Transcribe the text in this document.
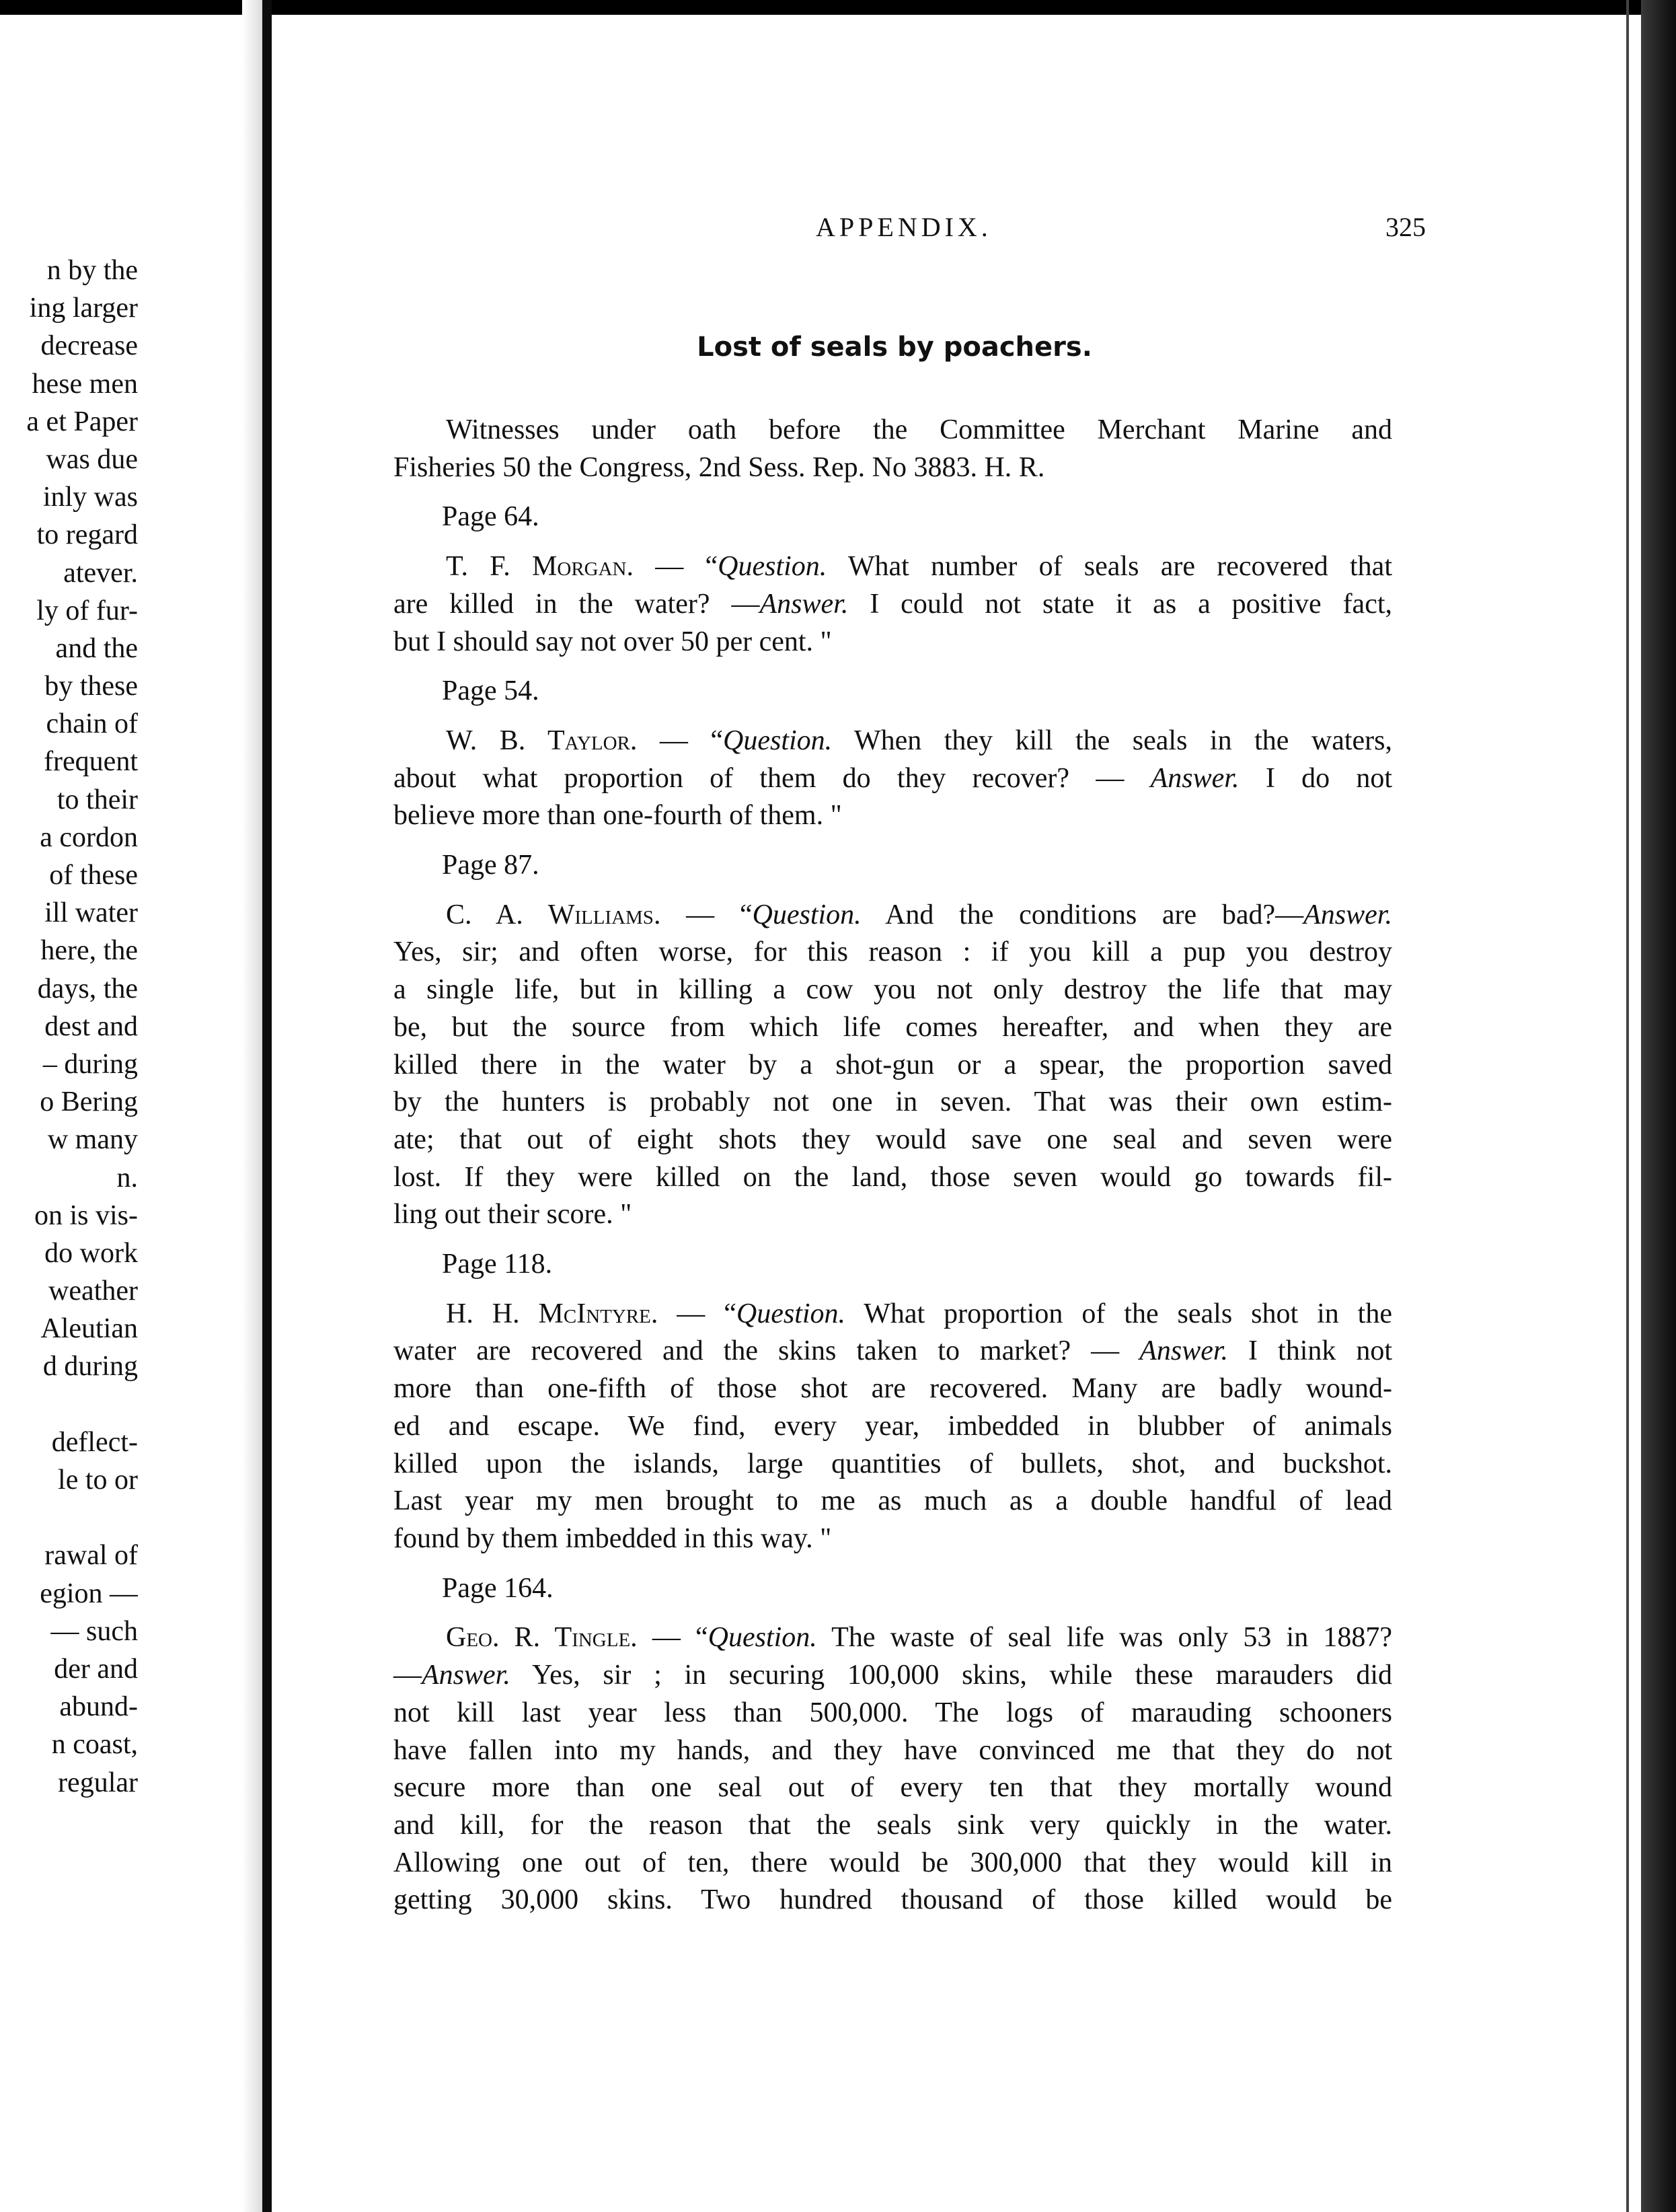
n by the
ing larger
decrease
hese men
a et Paper
was due
inly was
to regard
atever.
ly of fur-
and the
by these
chain of
frequent
to their
a cordon
of these
ill water
here, the
days, the
dest and
– during
o Bering
w many
n.
on is vis-
do work
weather
Aleutian
d during
deflect-
le to or
rawal of
egion —
— such
der and
abund-
n coast,
regular
APPENDIX.	325
Lost of seals by poachers.

Witnesses under oath before the Committee Merchant Marine and

Fisheries 50 the Congress, 2nd Sess. Rep. No 3883. H. R.

Page 64.

T. F. Morgan. — “Question. What number of seals are recovered that

are killed in the water? —Answer. I could not state it as a positive fact,

but I should say not over 50 per cent. "

Page 54.

W. B. Taylor. — “Question. When they kill the seals in the waters,

about what proportion of them do they recover? — Answer. I do not

believe more than one-fourth of them. "

Page 87.

C. A. Williams. — “Question. And the conditions are bad?—Answer.

Yes, sir; and often worse, for this reason : if you kill a pup you destroy

a single life, but in killing a cow you not only destroy the life that may

be, but the source from which life comes hereafter, and when they are

killed there in the water by a shot-gun or a spear, the proportion saved

by the hunters is probably not one in seven. That was their own estim-

ate; that out of eight shots they would save one seal and seven were

lost. If they were killed on the land, those seven would go towards fil-

ling out their score. "

Page 118.

H. H. McIntyre. — “Question. What proportion of the seals shot in the

water are recovered and the skins taken to market? — Answer. I think not

more than one-fifth of those shot are recovered. Many are badly wound-

ed and escape. We find, every year, imbedded in blubber of animals

killed upon the islands, large quantities of bullets, shot, and buckshot.

Last year my men brought to me as much as a double handful of lead

found by them imbedded in this way. "

Page 164.

Geo. R. Tingle. — “Question. The waste of seal life was only 53 in 1887?

—Answer. Yes, sir ; in securing 100,000 skins, while these marauders did

not kill last year less than 500,000. The logs of marauding schooners

have fallen into my hands, and they have convinced me that they do not

secure more than one seal out of every ten that they mortally wound

and kill, for the reason that the seals sink very quickly in the water.

Allowing one out of ten, there would be 300,000 that they would kill in

getting 30,000 skins. Two hundred thousand of those killed would be
